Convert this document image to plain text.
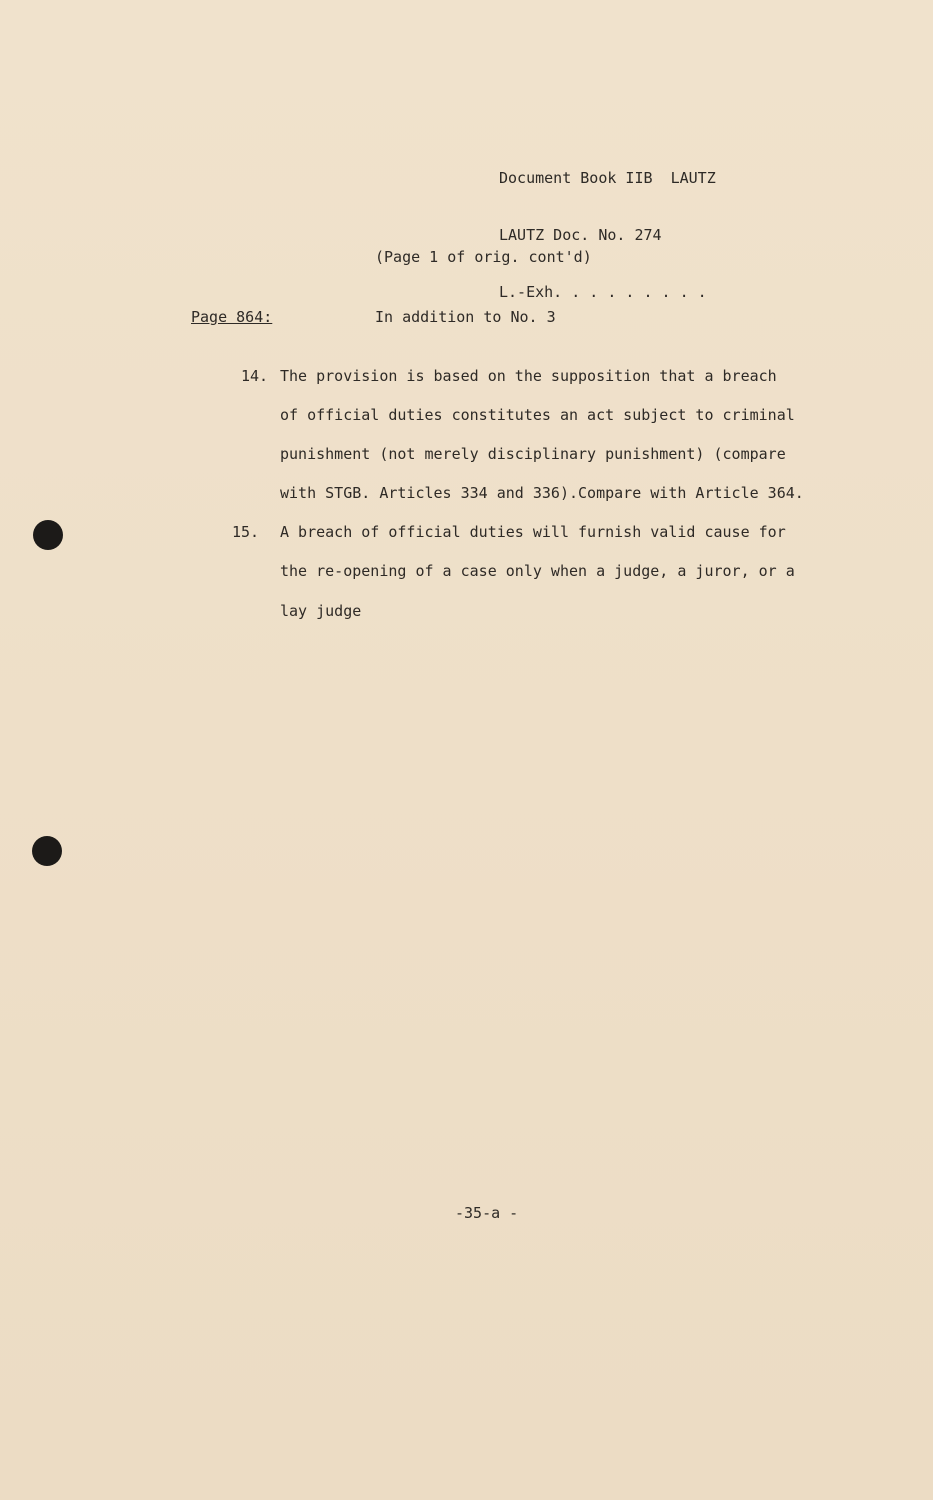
Document Book IIB  LAUTZ

LAUTZ Doc. No. 274

L.-Exh. . . . . . . . .

(Page 1 of orig. cont'd)
Page 864:	In addition to No. 3
14. The provision is based on the supposition that a breach
of official duties constitutes an act subject to criminal
punishment (not merely disciplinary punishment) (compare
with STGB. Articles 334 and 336).Compare with Article 364.
15. A breach of official duties will furnish valid cause for
the re-opening of a case only when a judge, a juror, or a
lay judge
-35-a -
